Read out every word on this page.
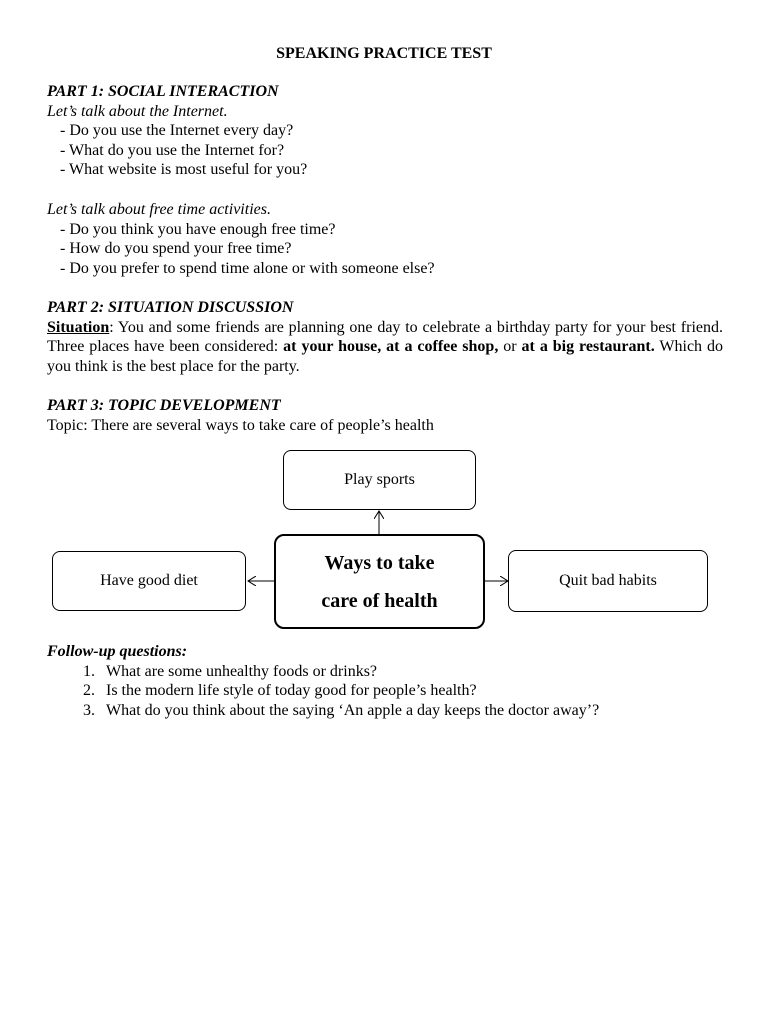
SPEAKING PRACTICE TEST
PART 1: SOCIAL INTERACTION
Let’s talk about the Internet.
- Do you use the Internet every day?
- What do you use the Internet for?
- What website is most useful for you?
Let’s talk about free time activities.
- Do you think you have enough free time?
- How do you spend your free time?
- Do you prefer to spend time alone or with someone else?
PART 2: SITUATION DISCUSSION
Situation: You and some friends are planning one day to celebrate a birthday party for your best friend. Three places have been considered: at your house, at a coffee shop, or at a big restaurant. Which do you think is the best place for the party.
PART 3: TOPIC DEVELOPMENT
Topic: There are several ways to take care of people’s health
Play sports
Ways to take
care of health
Have good diet	Quit bad habits
Follow-up questions:
1. What are some unhealthy foods or drinks?
2. Is the modern life style of today good for people’s health?
3. What do you think about the saying ‘An apple a day keeps the doctor away’?
